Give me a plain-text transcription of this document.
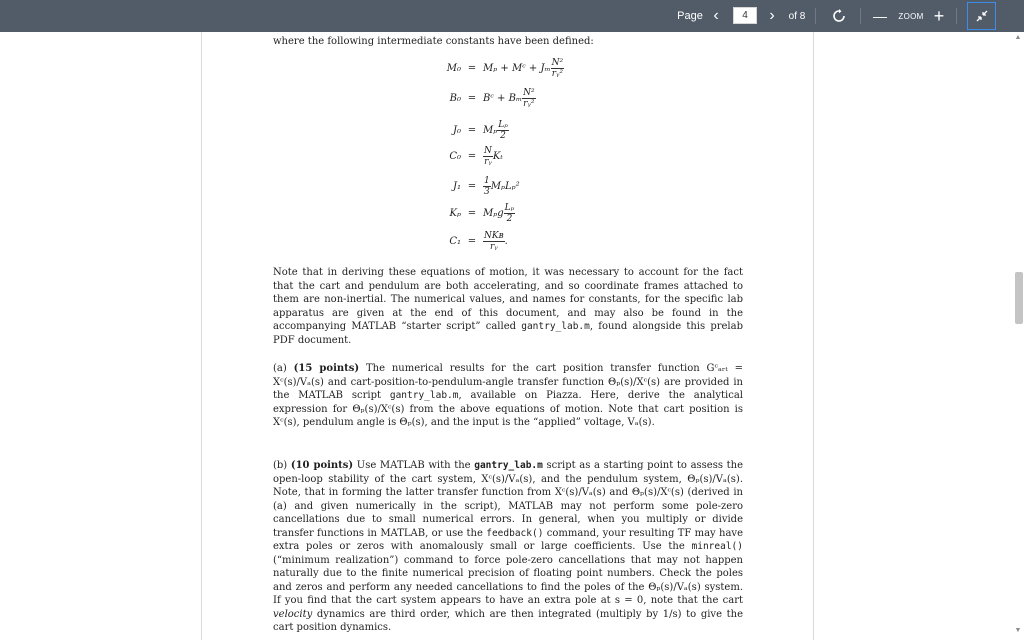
Page ‹
4	›	of 8	—	ZOOM +
where the following intermediate constants have been defined:
M₀ = Mₚ + Mᶜ + Jₘ $\frac{\text{N²}}{\text{rᵧ²}}$
B₀ = Bᶜ + Bₘ $\frac{\text{N²}}{\text{rᵧ²}}$
J₀ = Mₚ $\frac{\text{Lₚ}}{2}$
$C_0 = \frac{N}{\text{rᵧ}}$ Kₜ
$J_1 = \frac{1}{3} M_pL_p^2$
Kₚ = Mₚg $\frac{\text{Lₚ}}{2}$
$C_1 = \frac{\text{NKʙ}}{\text{rᵧ}}$ .
Note that in deriving these equations of motion, it was necessary to account for the fact that the cart and pendulum are both accelerating, and so coordinate frames attached to them are non-inertial. The numerical values, and names for constants, for the specific lab apparatus are given at the end of this document, and may also be found in the accompanying MATLAB “starter script” called gantry_lab.m, found alongside this prelab PDF document.
(a) (15 points) The numerical results for the cart position transfer function Gᶜₐᵣₜ = Xᶜ(s)/Vₐ(s) and cart-position-to-pendulum-angle transfer function Θₚ(s)/Xᶜ(s) are provided in the MATLAB script gantry_lab.m, available on Piazza. Here, derive the analytical expression for Θₚ(s)/Xᶜ(s) from the above equations of motion. Note that cart position is Xᶜ(s), pendulum angle is Θₚ(s), and the input is the “applied” voltage, Vₐ(s).
(b) (10 points) Use MATLAB with the gantry_lab.m script as a starting point to assess the open-loop stability of the cart system, Xᶜ(s)/Vₐ(s), and the pendulum system, Θₚ(s)/Vₐ(s). Note, that in forming the latter transfer function from Xᶜ(s)/Vₐ(s) and Θₚ(s)/Xᶜ(s) (derived in (a) and given numerically in the script), MATLAB may not perform some pole-zero cancellations due to small numerical errors. In general, when you multiply or divide transfer functions in MATLAB, or use the feedback() command, your resulting TF may have extra poles or zeros with anomalously small or large coefficients. Use the minreal() (“minimum realization”) command to force pole-zero cancellations that may not happen naturally due to the finite numerical precision of floating point numbers. Check the poles and zeros and perform any needed cancellations to find the poles of the Θₚ(s)/Vₐ(s) system. If you find that the cart system appears to have an extra pole at s = 0, note that the cart velocity dynamics are third order, which are then integrated (multiply by 1/s) to give the cart position dynamics.
▲
▼
